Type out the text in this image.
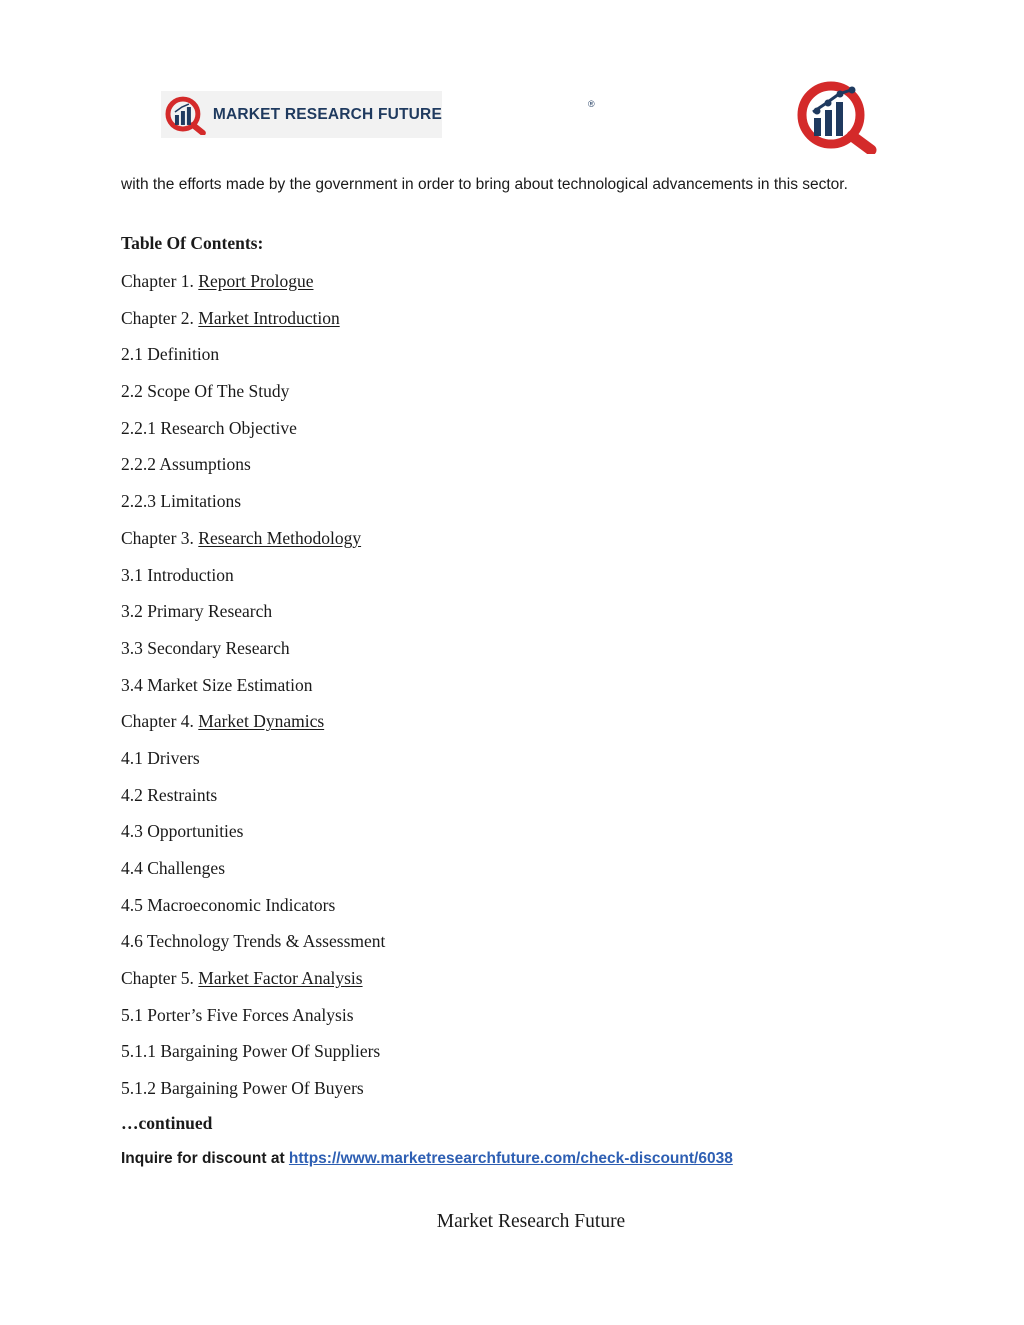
MARKET RESEARCH FUTURE
®

with the efforts made by the government in order to bring about technological advancements in this sector.

Table Of Contents:
Chapter 1. Report Prologue
Chapter 2. Market Introduction
2.1 Definition
2.2 Scope Of The Study
2.2.1 Research Objective
2.2.2 Assumptions
2.2.3 Limitations
Chapter 3. Research Methodology
3.1 Introduction
3.2 Primary Research
3.3 Secondary Research
3.4 Market Size Estimation
Chapter 4. Market Dynamics
4.1 Drivers
4.2 Restraints
4.3 Opportunities
4.4 Challenges
4.5 Macroeconomic Indicators
4.6 Technology Trends & Assessment
Chapter 5. Market Factor Analysis
5.1 Porter’s Five Forces Analysis
5.1.1 Bargaining Power Of Suppliers
5.1.2 Bargaining Power Of Buyers
…continued
Inquire for discount at https://www.marketresearchfuture.com/check-discount/6038
Market Research Future
